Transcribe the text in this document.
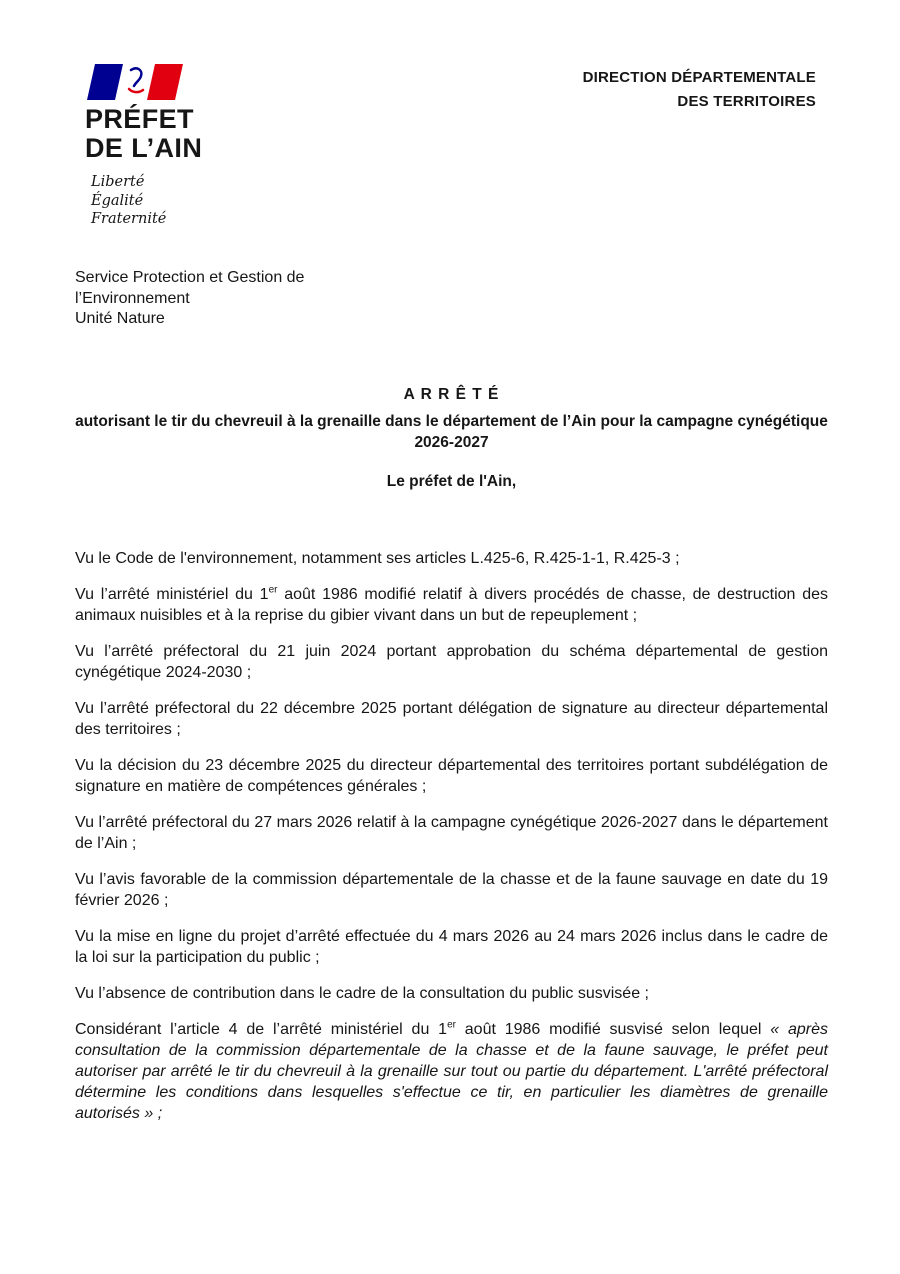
PRÉFET
DE L’AIN
Liberté
Égalité
Fraternité
DIRECTION DÉPARTEMENTALE
DES TERRITOIRES
Service Protection et Gestion de
l’Environnement
Unité Nature
A R R Ê T É
autorisant le tir du chevreuil à la grenaille dans le département de l’Ain pour la campagne cynégétique 2026-2027
Le préfet de l'Ain,

Vu le Code de l'environnement, notamment ses articles L.425-6, R.425-1-1, R.425-3 ;

Vu l’arrêté ministériel du 1er août 1986 modifié relatif à divers procédés de chasse, de destruction des animaux nuisibles et à la reprise du gibier vivant dans un but de repeuplement ;

Vu l’arrêté préfectoral du 21 juin 2024 portant approbation du schéma départemental de gestion cynégétique 2024-2030 ;

Vu l’arrêté préfectoral du 22 décembre 2025 portant délégation de signature au directeur départemental des territoires ;

Vu la décision du 23 décembre 2025 du directeur départemental des territoires portant subdélégation de signature en matière de compétences générales ;

Vu l’arrêté préfectoral du 27 mars 2026 relatif à la campagne cynégétique 2026-2027 dans le département de l’Ain ;

Vu l’avis favorable de la commission départementale de la chasse et de la faune sauvage en date du 19 février 2026 ;

Vu la mise en ligne du projet d’arrêté effectuée du 4 mars 2026 au 24 mars 2026 inclus dans le cadre de la loi sur la participation du public ;

Vu l’absence de contribution dans le cadre de la consultation du public susvisée ;

Considérant l’article 4 de l’arrêté ministériel du 1er août 1986 modifié susvisé selon lequel « après consultation de la commission départementale de la chasse et de la faune sauvage, le préfet peut autoriser par arrêté le tir du chevreuil à la grenaille sur tout ou partie du département. L'arrêté préfectoral détermine les conditions dans lesquelles s'effectue ce tir, en particulier les diamètres de grenaille autorisés » ;
